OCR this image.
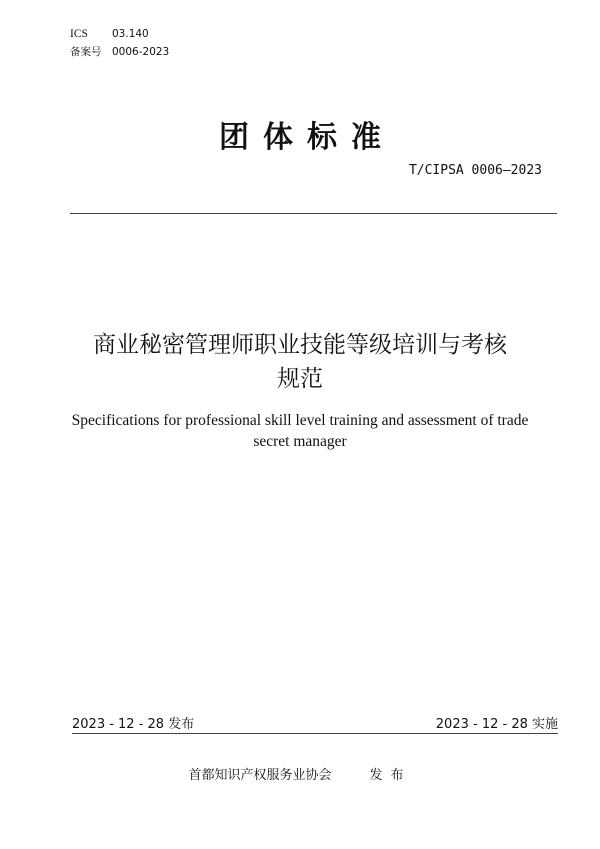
ICS 03.140
备案号 0006-2023
团体标准
T/CIPSA 0006—2023
商业秘密管理师职业技能等级培训与考核
规范
Specifications for professional skill level training and assessment of trade secret manager
2023 - 12 - 28 发布	2023 - 12 - 28 实施
首都知识产权服务业协会	发布
